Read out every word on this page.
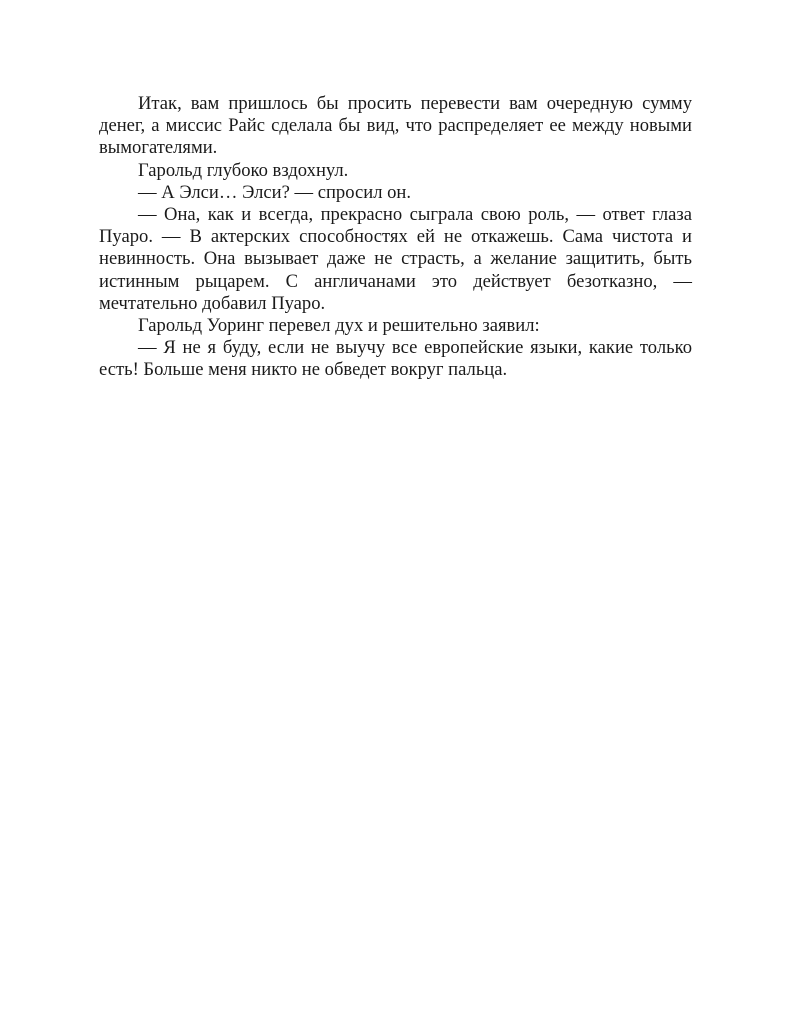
Итак, вам пришлось бы просить перевести вам очередную сумму денег, а миссис Райс сделала бы вид, что распределяет ее между новыми вымогателями.

Гарольд глубоко вздохнул.

— А Элси… Элси? — спросил он.

— Она, как и всегда, прекрасно сыграла свою роль, — ответ глаза Пуаро. — В актерских способностях ей не откажешь. Сама чистота и невинность. Она вызывает даже не страсть, а желание защитить, быть истинным рыцарем. С англичанами это действует безотказно, — мечтательно добавил Пуаро.

Гарольд Уоринг перевел дух и решительно заявил:

— Я не я буду, если не выучу все европейские языки, какие только есть! Больше меня никто не обведет вокруг пальца.
